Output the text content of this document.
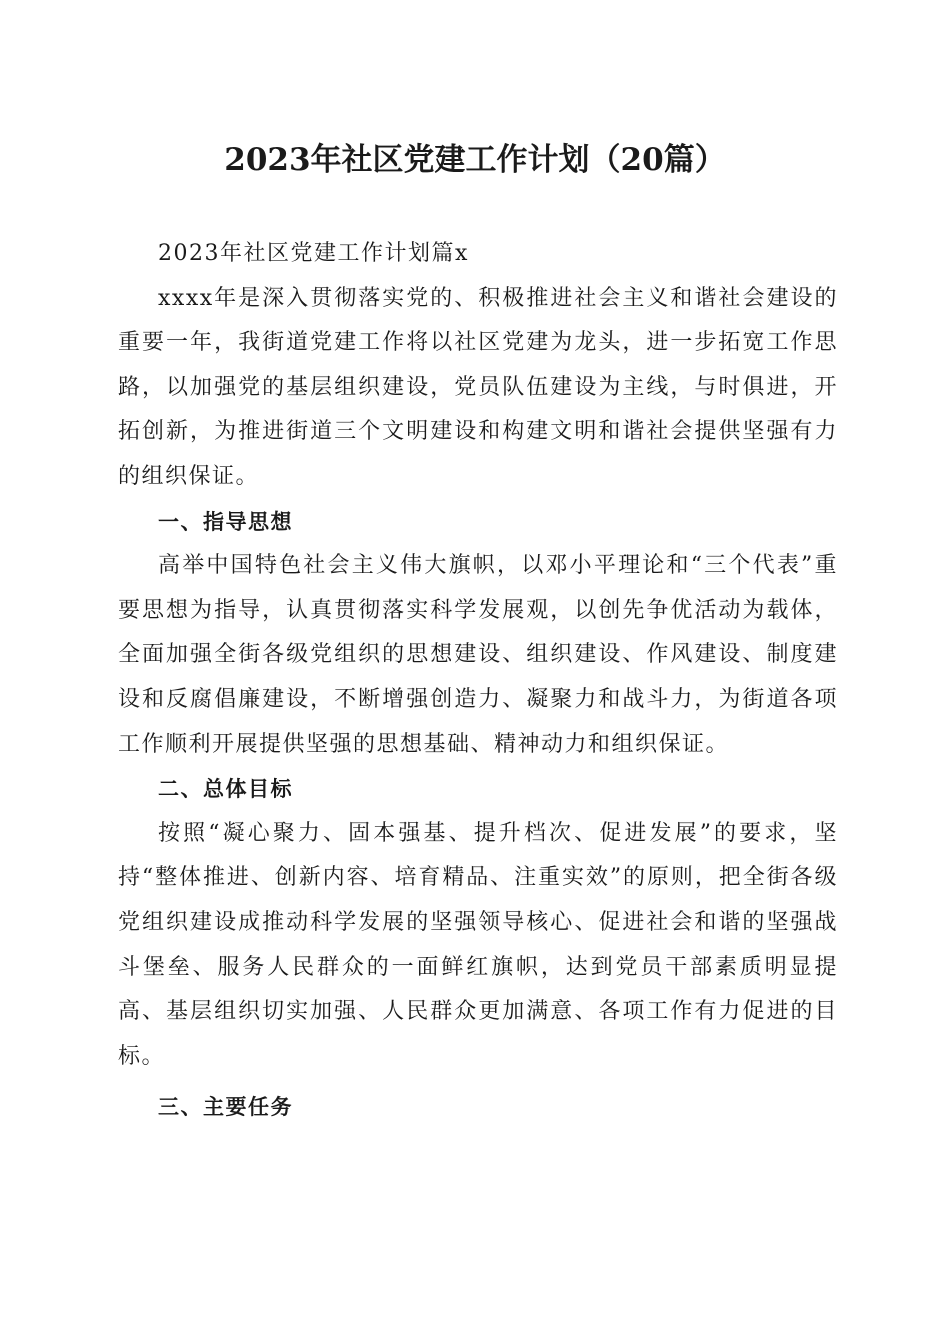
2023年社区党建工作计划（20篇）
2023年社区党建工作计划篇x
xxxx年是深入贯彻落实党的、积极推进社会主义和谐社会建设的重要一年，我街道党建工作将以社区党建为龙头，进一步拓宽工作思路，以加强党的基层组织建设，党员队伍建设为主线，与时俱进，开拓创新，为推进街道三个文明建设和构建文明和谐社会提供坚强有力的组织保证。
一、指导思想
高举中国特色社会主义伟大旗帜，以邓小平理论和“三个代表”重要思想为指导，认真贯彻落实科学发展观，以创先争优活动为载体，全面加强全街各级党组织的思想建设、组织建设、作风建设、制度建设和反腐倡廉建设，不断增强创造力、凝聚力和战斗力，为街道各项工作顺利开展提供坚强的思想基础、精神动力和组织保证。
二、总体目标
按照“凝心聚力、固本强基、提升档次、促进发展”的要求，坚持“整体推进、创新内容、培育精品、注重实效”的原则，把全街各级党组织建设成推动科学发展的坚强领导核心、促进社会和谐的坚强战斗堡垒、服务人民群众的一面鲜红旗帜，达到党员干部素质明显提高、基层组织切实加强、人民群众更加满意、各项工作有力促进的目标。
三、主要任务
